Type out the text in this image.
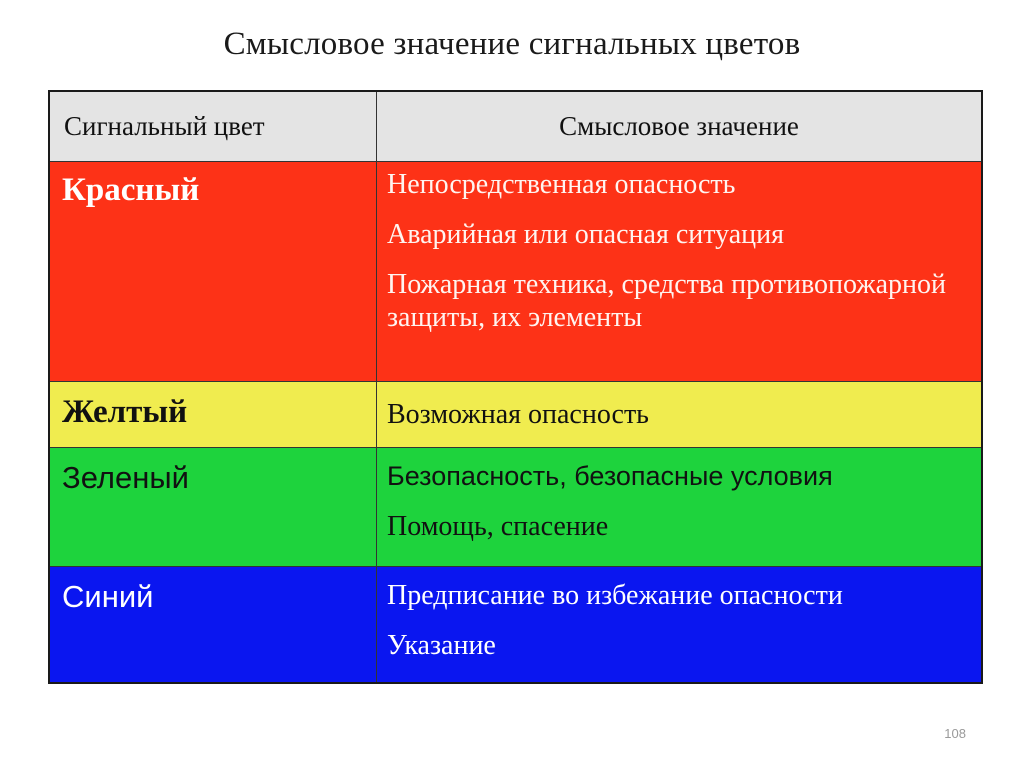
Смысловое значение сигнальных цветов
Сигнальный цвет	Смысловое значение
Красный	Непосредственная опасность
Аварийная или опасная ситуация
Пожарная техника, средства противопожарной защиты, их элементы
Желтый	Возможная опасность
Зеленый	Безопасность, безопасные условия
Помощь, спасение
Синий	Предписание во избежание опасности
Указание
108
